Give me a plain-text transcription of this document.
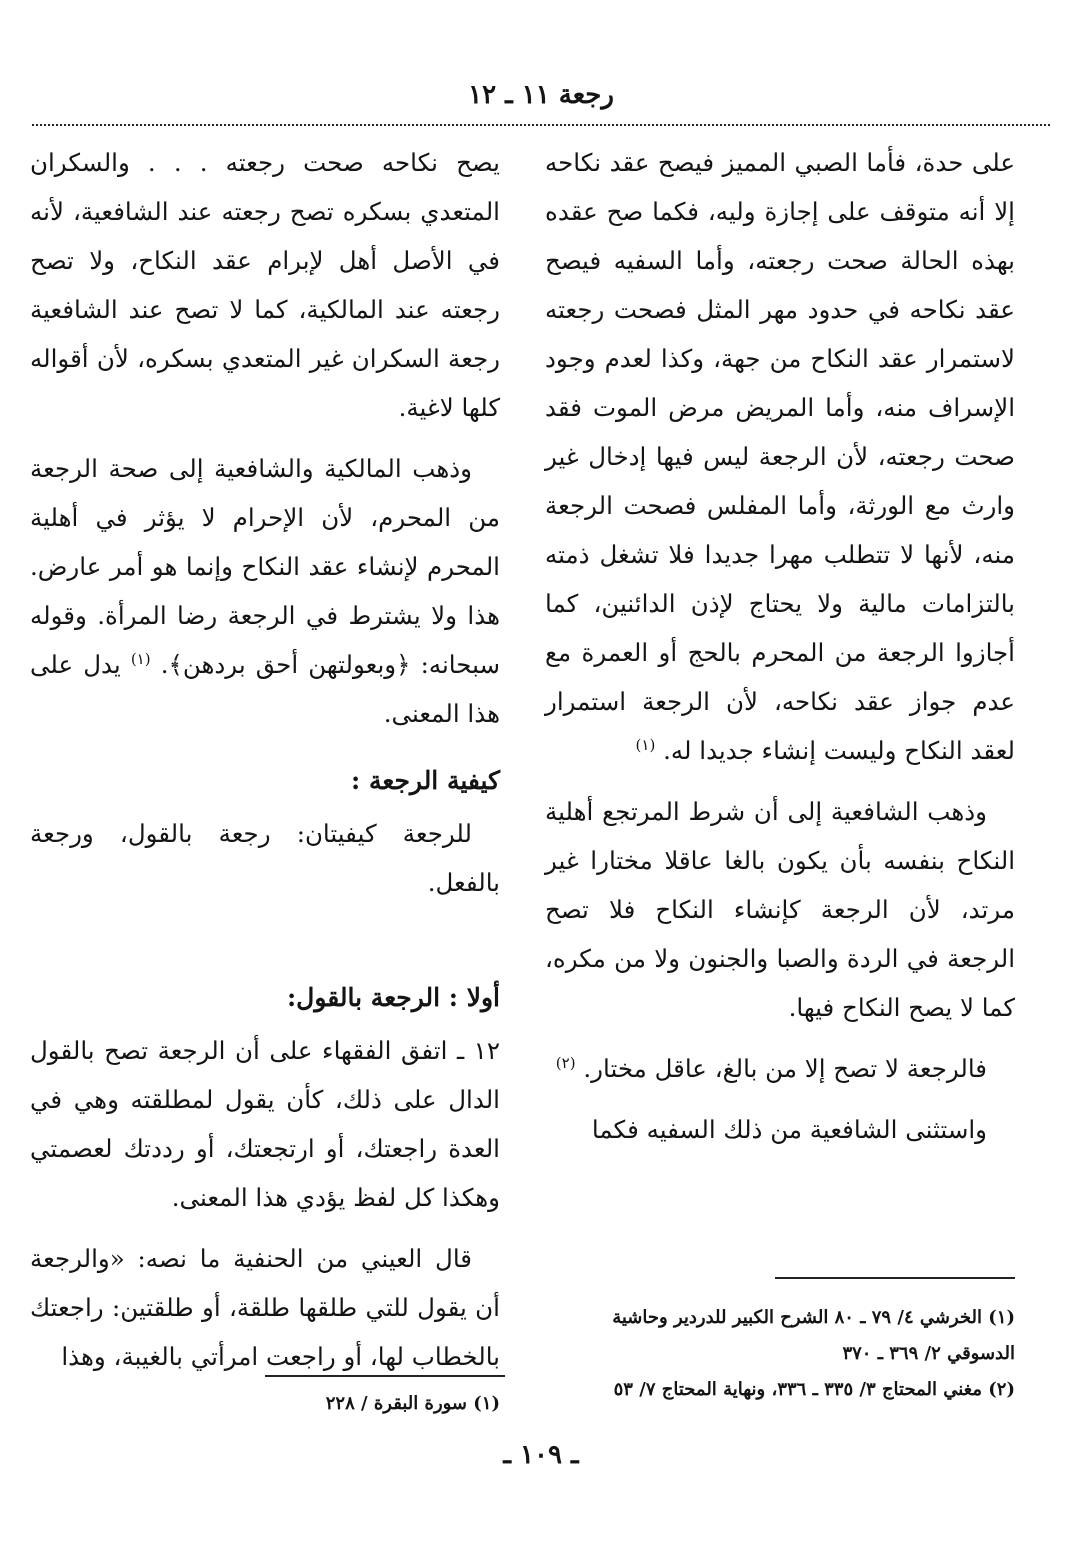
رجعة ١١ ـ ١٢

على حدة، فأما الصبي المميز فيصح عقد نكاحه إلا أنه متوقف على إجازة وليه، فكما صح عقده بهذه الحالة صحت رجعته، وأما السفيه فيصح عقد نكاحه في حدود مهر المثل فصحت رجعته لاستمرار عقد النكاح من جهة، وكذا لعدم وجود الإسراف منه، وأما المريض مرض الموت فقد صحت رجعته، لأن الرجعة ليس فيها إدخال غير وارث مع الورثة، وأما المفلس فصحت الرجعة منه، لأنها لا تتطلب مهرا جديدا فلا تشغل ذمته بالتزامات مالية ولا يحتاج لإذن الدائنين، كما أجازوا الرجعة من المحرم بالحج أو العمرة مع عدم جواز عقد نكاحه، لأن الرجعة استمرار لعقد النكاح وليست إنشاء جديدا له. $^{(١)}$

وذهب الشافعية إلى أن شرط المرتجع أهلية النكاح بنفسه بأن يكون بالغا عاقلا مختارا غير مرتد، لأن الرجعة كإنشاء النكاح فلا تصح الرجعة في الردة والصبا والجنون ولا من مكره، كما لا يصح النكاح فيها.

فالرجعة لا تصح إلا من بالغ، عاقل مختار. $^{(٢)}$

واستثنى الشافعية من ذلك السفيه فكما

يصح نكاحه صحت رجعته . . . والسكران المتعدي بسكره تصح رجعته عند الشافعية، لأنه في الأصل أهل لإبرام عقد النكاح، ولا تصح رجعته عند المالكية، كما لا تصح عند الشافعية رجعة السكران غير المتعدي بسكره، لأن أقواله كلها لاغية.

وذهب المالكية والشافعية إلى صحة الرجعة من المحرم، لأن الإحرام لا يؤثر في أهلية المحرم لإنشاء عقد النكاح وإنما هو أمر عارض. هذا ولا يشترط في الرجعة رضا المرأة. وقوله سبحانه: ﴿وبعولتهن أحق بردهن﴾. $^{(١)}$ يدل على هذا المعنى.

كيفية الرجعة :

للرجعة كيفيتان: رجعة بالقول، ورجعة بالفعل.

أولا : الرجعة بالقول:

١٢ ـ اتفق الفقهاء على أن الرجعة تصح بالقول الدال على ذلك، كأن يقول لمطلقته وهي في العدة راجعتك، أو ارتجعتك، أو رددتك لعصمتي وهكذا كل لفظ يؤدي هذا المعنى.

قال العيني من الحنفية ما نصه: «والرجعة أن يقول للتي طلقها طلقة، أو طلقتين: راجعتك بالخطاب لها، أو راجعت امرأتي بالغيبة، وهذا

(١) الخرشي ٤/ ٧٩ ـ ٨٠ الشرح الكبير للدردير وحاشية الدسوقي ٢/ ٣٦٩ ـ ٣٧٠
(٢) مغني المحتاج ٣/ ٣٣٥ ـ ٣٣٦، ونهاية المحتاج ٧/ ٥٣
(١) سورة البقرة / ٢٢٨
ـ ١٠٩ ـ
